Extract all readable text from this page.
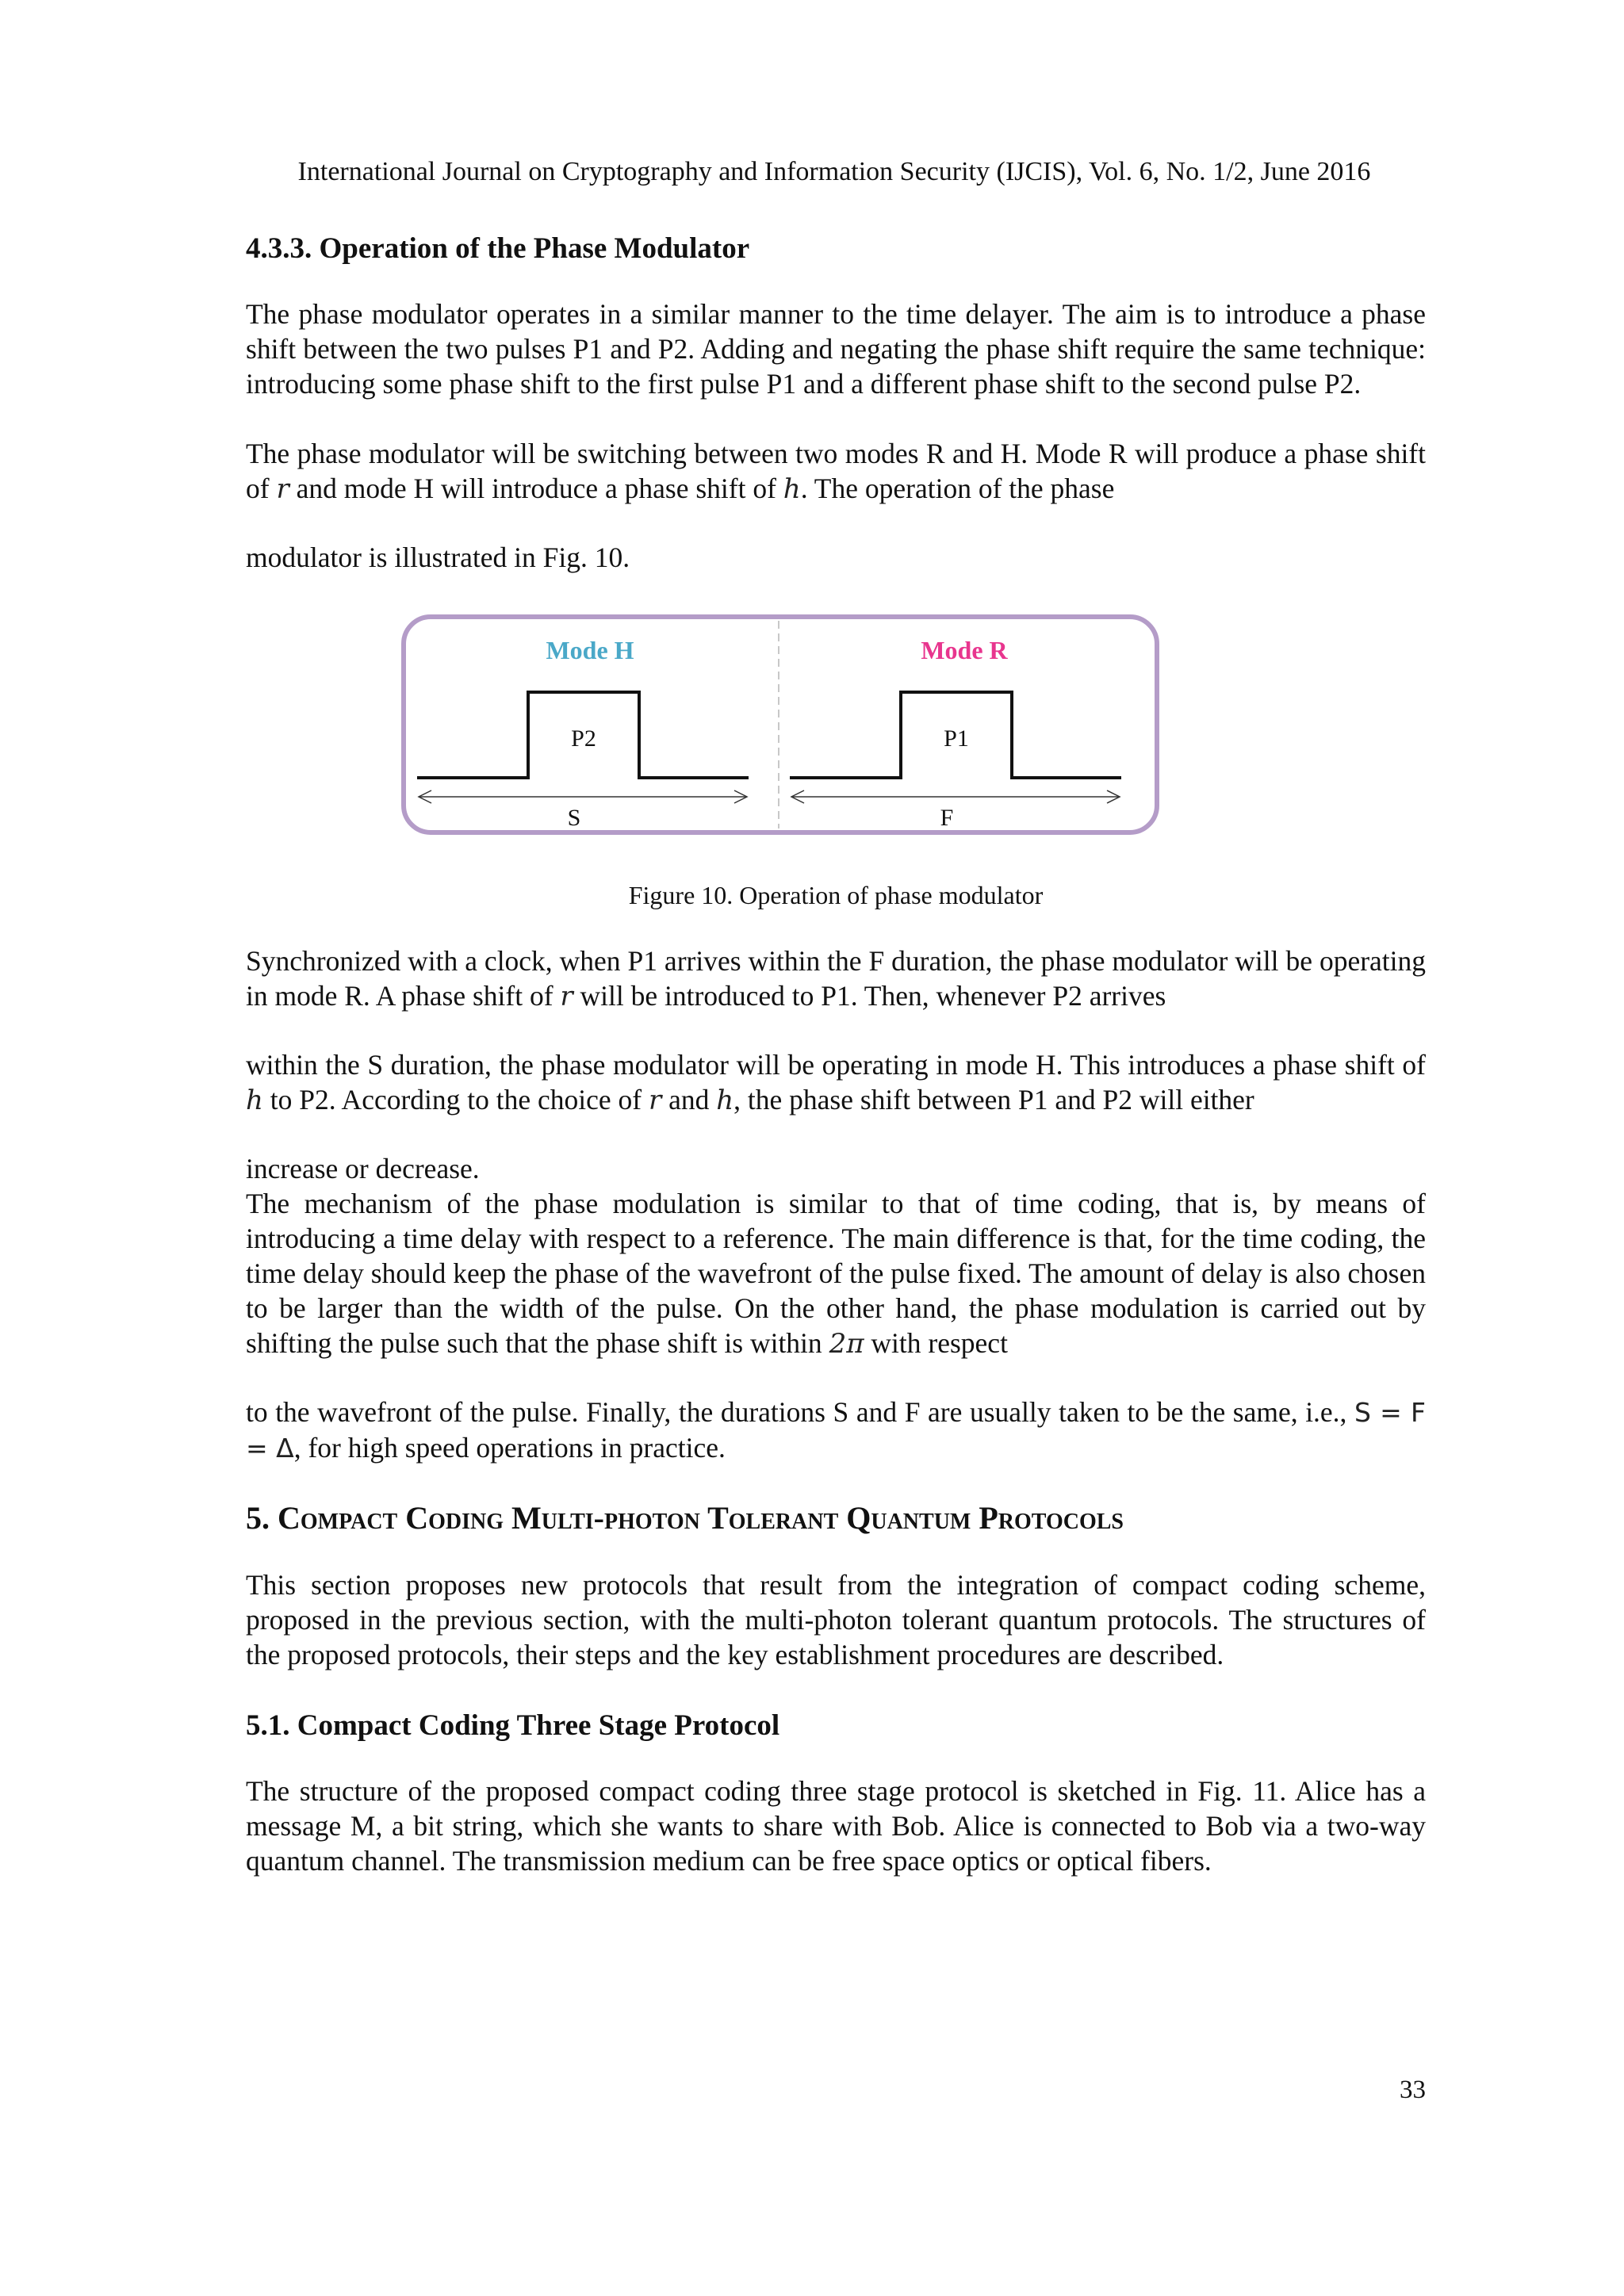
International Journal on Cryptography and Information Security (IJCIS), Vol. 6, No. 1/2, June 2016
4.3.3. Operation of the Phase Modulator

The phase modulator operates in a similar manner to the time delayer. The aim is to introduce a phase shift between the two pulses P1 and P2. Adding and negating the phase shift require the same technique: introducing some phase shift to the first pulse P1 and a different phase shift to the second pulse P2.

The phase modulator will be switching between two modes R and H. Mode R will produce a phase shift of r and mode H will introduce a phase shift of h. The operation of the phase

modulator is illustrated in Fig. 10.

Mode H	Mode R
P2	P1
S	F

Figure 10. Operation of phase modulator

Synchronized with a clock, when P1 arrives within the F duration, the phase modulator will be operating in mode R. A phase shift of r will be introduced to P1. Then, whenever P2 arrives

within the S duration, the phase modulator will be operating in mode H. This introduces a phase shift of h to P2. According to the choice of r and h, the phase shift between P1 and P2 will either

increase or decrease.

The mechanism of the phase modulation is similar to that of time coding, that is, by means of introducing a time delay with respect to a reference. The main difference is that, for the time coding, the time delay should keep the phase of the wavefront of the pulse fixed. The amount of delay is also chosen to be larger than the width of the pulse. On the other hand, the phase modulation is carried out by shifting the pulse such that the phase shift is within 2π with respect

to the wavefront of the pulse. Finally, the durations S and F are usually taken to be the same, i.e., S = F = Δ, for high speed operations in practice.

5. Compact Coding Multi-photon Tolerant Quantum Protocols

This section proposes new protocols that result from the integration of compact coding scheme, proposed in the previous section, with the multi-photon tolerant quantum protocols. The structures of the proposed protocols, their steps and the key establishment procedures are described.

5.1. Compact Coding Three Stage Protocol

The structure of the proposed compact coding three stage protocol is sketched in Fig. 11. Alice has a message M, a bit string, which she wants to share with Bob. Alice is connected to Bob via a two-way quantum channel. The transmission medium can be free space optics or optical fibers.

33
